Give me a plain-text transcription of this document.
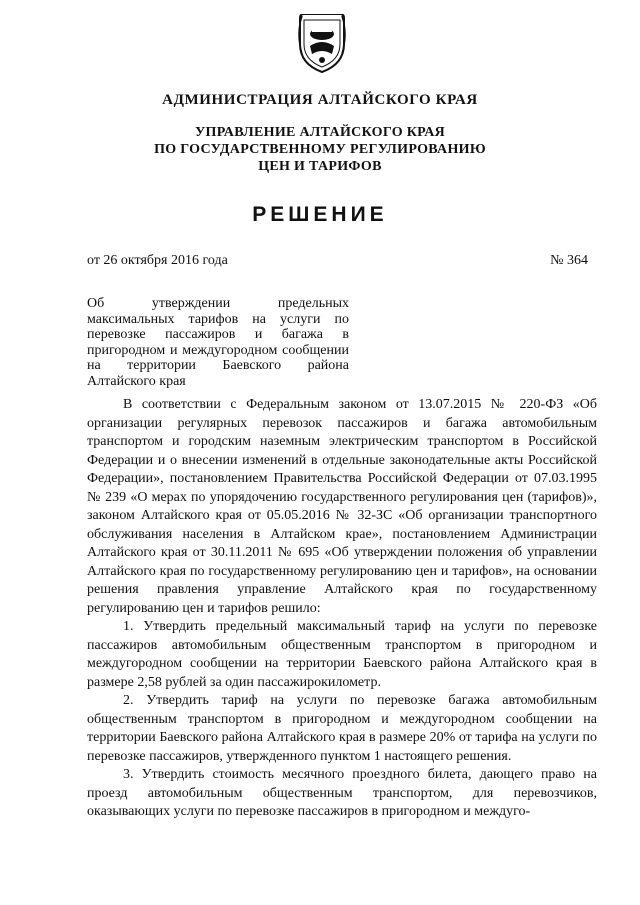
АДМИНИСТРАЦИЯ АЛТАЙСКОГО КРАЯ
УПРАВЛЕНИЕ АЛТАЙСКОГО КРАЯ
ПО ГОСУДАРСТВЕННОМУ РЕГУЛИРОВАНИЮ
ЦЕН И ТАРИФОВ
РЕШЕНИЕ
от 26 октября 2016 года	№ 364
Об утверждении предельных максимальных тарифов на услуги по перевозке пассажиров и багажа в пригородном и междугородном сообщении на территории Баевского района Алтайского края

В соответствии с Федеральным законом от 13.07.2015 № 220-ФЗ «Об организации регулярных перевозок пассажиров и багажа автомобильным транспортом и городским наземным электрическим транспортом в Российской Федерации и о внесении изменений в отдельные законодательные акты Российской Федерации», постановлением Правительства Российской Федерации от 07.03.1995 № 239 «О мерах по упорядочению государственного регулирования цен (тарифов)», законом Алтайского края от 05.05.2016 № 32-ЗС «Об организации транспортного обслуживания населения в Алтайском крае», постановлением Администрации Алтайского края от 30.11.2011 № 695 «Об утверждении положения об управлении Алтайского края по государственному регулированию цен и тарифов», на основании решения правления управление Алтайского края по государственному регулированию цен и тарифов решило:

1. Утвердить предельный максимальный тариф на услуги по перевозке пассажиров автомобильным общественным транспортом в пригородном и междугородном сообщении на территории Баевского района Алтайского края в размере 2,58 рублей за один пассажирокилометр.

2. Утвердить тариф на услуги по перевозке багажа автомобильным общественным транспортом в пригородном и междугородном сообщении на территории Баевского района Алтайского края в размере 20% от тарифа на услуги по перевозке пассажиров, утвержденного пунктом 1 настоящего решения.

3. Утвердить стоимость месячного проездного билета, дающего право на проезд автомобильным общественным транспортом, для перевозчиков, оказывающих услуги по перевозке пассажиров в пригородном и междуго-
